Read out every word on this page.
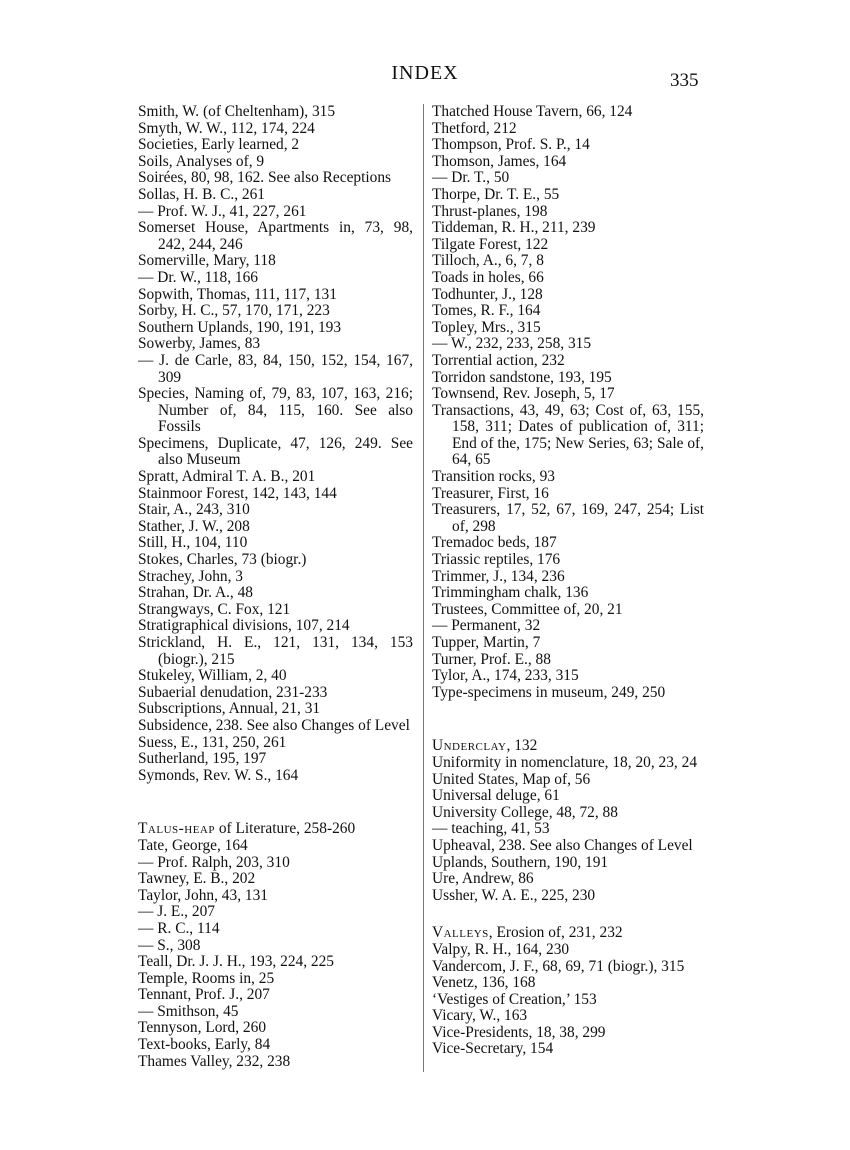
INDEX	335

Smith, W. (of Cheltenham), 315

Smyth, W. W., 112, 174, 224

Societies, Early learned, 2

Soils, Analyses of, 9

Soirées, 80, 98, 162. See also Receptions

Sollas, H. B. C., 261

— Prof. W. J., 41, 227, 261

Somerset House, Apartments in, 73, 98, 242, 244, 246

Somerville, Mary, 118

— Dr. W., 118, 166

Sopwith, Thomas, 111, 117, 131

Sorby, H. C., 57, 170, 171, 223

Southern Uplands, 190, 191, 193

Sowerby, James, 83

— J. de Carle, 83, 84, 150, 152, 154, 167, 309

Species, Naming of, 79, 83, 107, 163, 216; Number of, 84, 115, 160. See also Fossils

Specimens, Duplicate, 47, 126, 249. See also Museum

Spratt, Admiral T. A. B., 201

Stainmoor Forest, 142, 143, 144

Stair, A., 243, 310

Stather, J. W., 208

Still, H., 104, 110

Stokes, Charles, 73 (biogr.)

Strachey, John, 3

Strahan, Dr. A., 48

Strangways, C. Fox, 121

Stratigraphical divisions, 107, 214

Strickland, H. E., 121, 131, 134, 153 (biogr.), 215

Stukeley, William, 2, 40

Subaerial denudation, 231-233

Subscriptions, Annual, 21, 31

Subsidence, 238. See also Changes of Level

Suess, E., 131, 250, 261

Sutherland, 195, 197

Symonds, Rev. W. S., 164

Talus-heap of Literature, 258-260

Tate, George, 164

— Prof. Ralph, 203, 310

Tawney, E. B., 202

Taylor, John, 43, 131

— J. E., 207

— R. C., 114

— S., 308

Teall, Dr. J. J. H., 193, 224, 225

Temple, Rooms in, 25

Tennant, Prof. J., 207

— Smithson, 45

Tennyson, Lord, 260

Text-books, Early, 84

Thames Valley, 232, 238

Thatched House Tavern, 66, 124

Thetford, 212

Thompson, Prof. S. P., 14

Thomson, James, 164

— Dr. T., 50

Thorpe, Dr. T. E., 55

Thrust-planes, 198

Tiddeman, R. H., 211, 239

Tilgate Forest, 122

Tilloch, A., 6, 7, 8

Toads in holes, 66

Todhunter, J., 128

Tomes, R. F., 164

Topley, Mrs., 315

— W., 232, 233, 258, 315

Torrential action, 232

Torridon sandstone, 193, 195

Townsend, Rev. Joseph, 5, 17

Transactions, 43, 49, 63; Cost of, 63, 155, 158, 311; Dates of publication of, 311; End of the, 175; New Series, 63; Sale of, 64, 65

Transition rocks, 93

Treasurer, First, 16

Treasurers, 17, 52, 67, 169, 247, 254; List of, 298

Tremadoc beds, 187

Triassic reptiles, 176

Trimmer, J., 134, 236

Trimmingham chalk, 136

Trustees, Committee of, 20, 21

— Permanent, 32

Tupper, Martin, 7

Turner, Prof. E., 88

Tylor, A., 174, 233, 315

Type-specimens in museum, 249, 250

Underclay, 132

Uniformity in nomenclature, 18, 20, 23, 24

United States, Map of, 56

Universal deluge, 61

University College, 48, 72, 88

— teaching, 41, 53

Upheaval, 238. See also Changes of Level

Uplands, Southern, 190, 191

Ure, Andrew, 86

Ussher, W. A. E., 225, 230

Valleys, Erosion of, 231, 232

Valpy, R. H., 164, 230

Vandercom, J. F., 68, 69, 71 (biogr.), 315

Venetz, 136, 168

‘Vestiges of Creation,’ 153

Vicary, W., 163

Vice-Presidents, 18, 38, 299

Vice-Secretary, 154
